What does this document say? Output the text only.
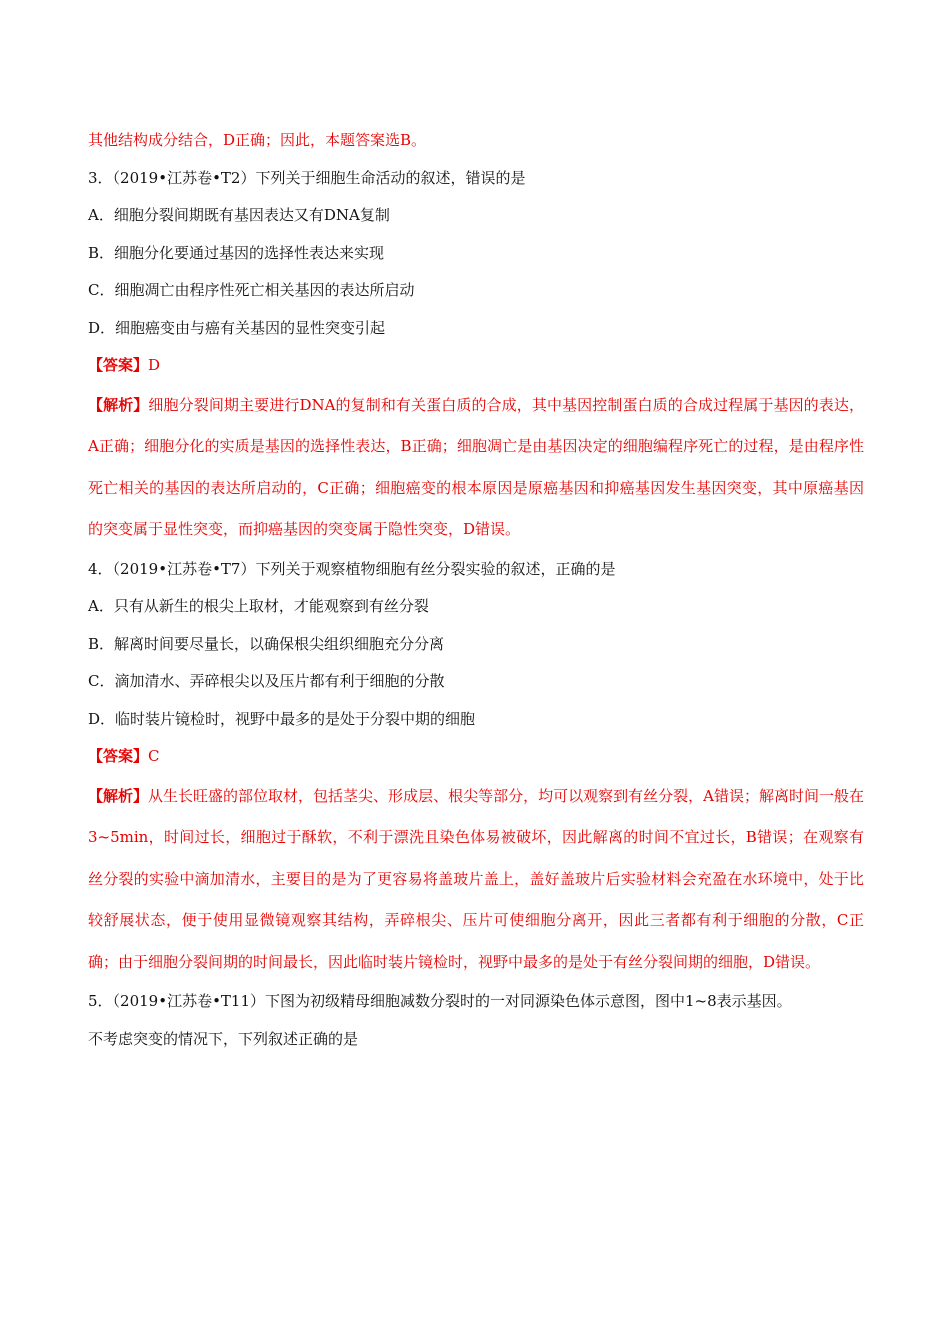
其他结构成分结合，D正确；因此，本题答案选B。
3．（2019•江苏卷•T2）下列关于细胞生命活动的叙述，错误的是
A．细胞分裂间期既有基因表达又有DNA复制
B．细胞分化要通过基因的选择性表达来实现
C．细胞凋亡由程序性死亡相关基因的表达所启动
D．细胞癌变由与癌有关基因的显性突变引起
【答案】D

【解析】细胞分裂间期主要进行DNA的复制和有关蛋白质的合成，其中基因控制蛋白质的合成过程属于基因的表达，A正确；细胞分化的实质是基因的选择性表达，B正确；细胞凋亡是由基因决定的细胞编程序死亡的过程，是由程序性死亡相关的基因的表达所启动的，C正确；细胞癌变的根本原因是原癌基因和抑癌基因发生基因突变，其中原癌基因的突变属于显性突变，而抑癌基因的突变属于隐性突变，D错误。

4．（2019•江苏卷•T7）下列关于观察植物细胞有丝分裂实验的叙述，正确的是
A．只有从新生的根尖上取材，才能观察到有丝分裂
B．解离时间要尽量长，以确保根尖组织细胞充分分离
C．滴加清水、弄碎根尖以及压片都有利于细胞的分散
D．临时装片镜检时，视野中最多的是处于分裂中期的细胞
【答案】C

【解析】从生长旺盛的部位取材，包括茎尖、形成层、根尖等部分，均可以观察到有丝分裂，A错误；解离时间一般在3~5min，时间过长，细胞过于酥软，不利于漂洗且染色体易被破坏，因此解离的时间不宜过长，B错误；在观察有丝分裂的实验中滴加清水，主要目的是为了更容易将盖玻片盖上，盖好盖玻片后实验材料会充盈在水环境中，处于比较舒展状态，便于使用显微镜观察其结构，弄碎根尖、压片可使细胞分离开，因此三者都有利于细胞的分散，C正确；由于细胞分裂间期的时间最长，因此临时装片镜检时，视野中最多的是处于有丝分裂间期的细胞，D错误。

5．（2019•江苏卷•T11）下图为初级精母细胞减数分裂时的一对同源染色体示意图，图中1~8表示基因。
不考虑突变的情况下，下列叙述正确的是
